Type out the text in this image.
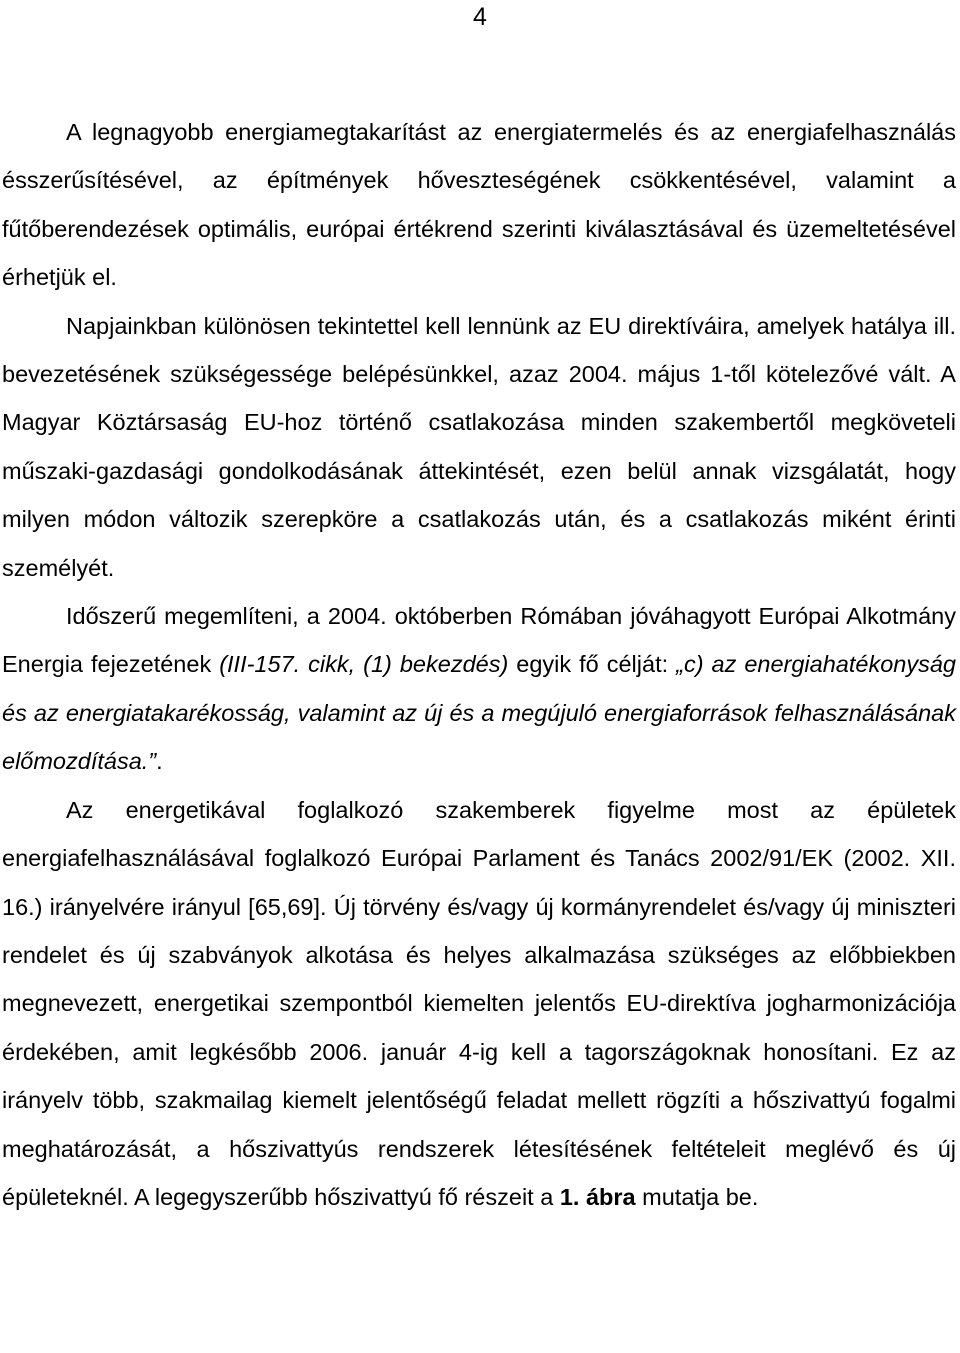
4

A legnagyobb energiamegtakarítást az energiatermelés és az energiafelhasználás ésszerűsítésével, az építmények hőveszteségének csökkentésével, valamint a fűtőberendezések optimális, európai értékrend szerinti kiválasztásával és üzemeltetésével érhetjük el.

Napjainkban különösen tekintettel kell lennünk az EU direktíváira, amelyek hatálya ill. bevezetésének szükségessége belépésünkkel, azaz 2004. május 1-től kötelezővé vált. A Magyar Köztársaság EU-hoz történő csatlakozása minden szakembertől megköveteli műszaki-gazdasági gondolkodásának áttekintését, ezen belül annak vizsgálatát, hogy milyen módon változik szerepköre a csatlakozás után, és a csatlakozás miként érinti személyét.

Időszerű megemlíteni, a 2004. októberben Rómában jóváhagyott Európai Alkotmány Energia fejezetének (III-157. cikk, (1) bekezdés) egyik fő célját: „c) az energiahatékonyság és az energiatakarékosság, valamint az új és a megújuló energiaforrások felhasználásának előmozdítása.”.

Az energetikával foglalkozó szakemberek figyelme most az épületek energiafelhasználásával foglalkozó Európai Parlament és Tanács 2002/91/EK (2002. XII. 16.) irányelvére irányul [65,69]. Új törvény és/vagy új kormányrendelet és/vagy új miniszteri rendelet és új szabványok alkotása és helyes alkalmazása szükséges az előbbiekben megnevezett, energetikai szempontból kiemelten jelentős EU-direktíva jogharmonizációja érdekében, amit legkésőbb 2006. január 4-ig kell a tagországoknak honosítani. Ez az irányelv több, szakmailag kiemelt jelentőségű feladat mellett rögzíti a hőszivattyú fogalmi meghatározását, a hőszivattyús rendszerek létesítésének feltételeit meglévő és új épületeknél. A legegyszerűbb hőszivattyú fő részeit a 1. ábra mutatja be.
